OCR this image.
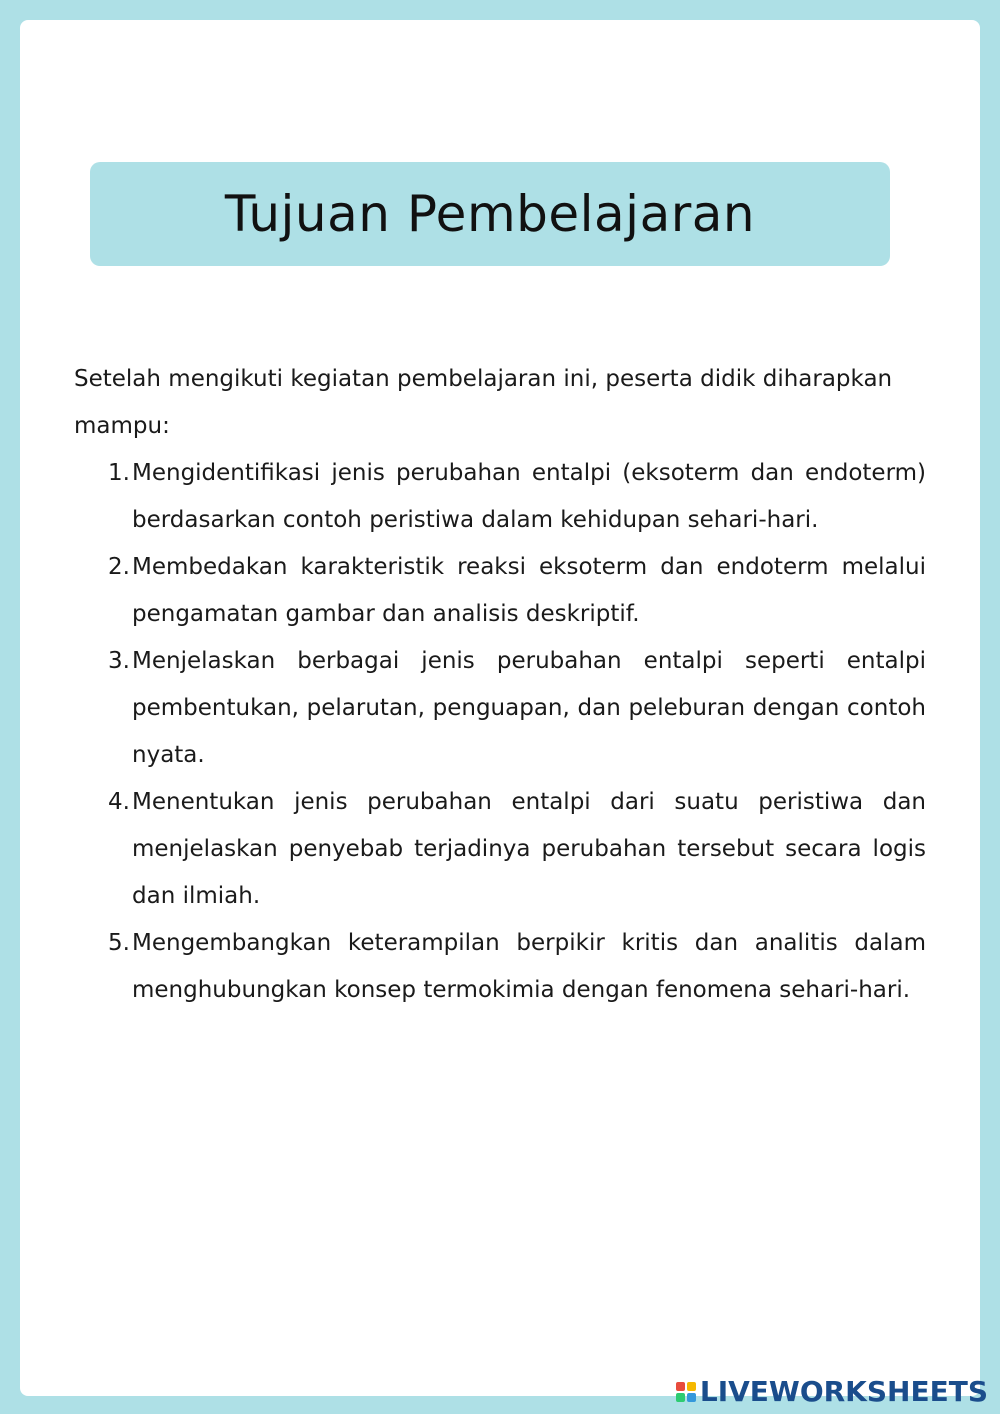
Tujuan Pembelajaran

Setelah mengikuti kegiatan pembelajaran ini, peserta didik diharapkan mampu:

1. Mengidentifikasi jenis perubahan entalpi (eksoterm dan endoterm) berdasarkan contoh peristiwa dalam kehidupan sehari-hari.
2. Membedakan karakteristik reaksi eksoterm dan endoterm melalui pengamatan gambar dan analisis deskriptif.
3. Menjelaskan berbagai jenis perubahan entalpi seperti entalpi pembentukan, pelarutan, penguapan, dan peleburan dengan contoh nyata.
4. Menentukan jenis perubahan entalpi dari suatu peristiwa dan menjelaskan penyebab terjadinya perubahan tersebut secara logis dan ilmiah.
5. Mengembangkan keterampilan berpikir kritis dan analitis dalam menghubungkan konsep termokimia dengan fenomena sehari-hari.
LIVEWORKSHEETS
